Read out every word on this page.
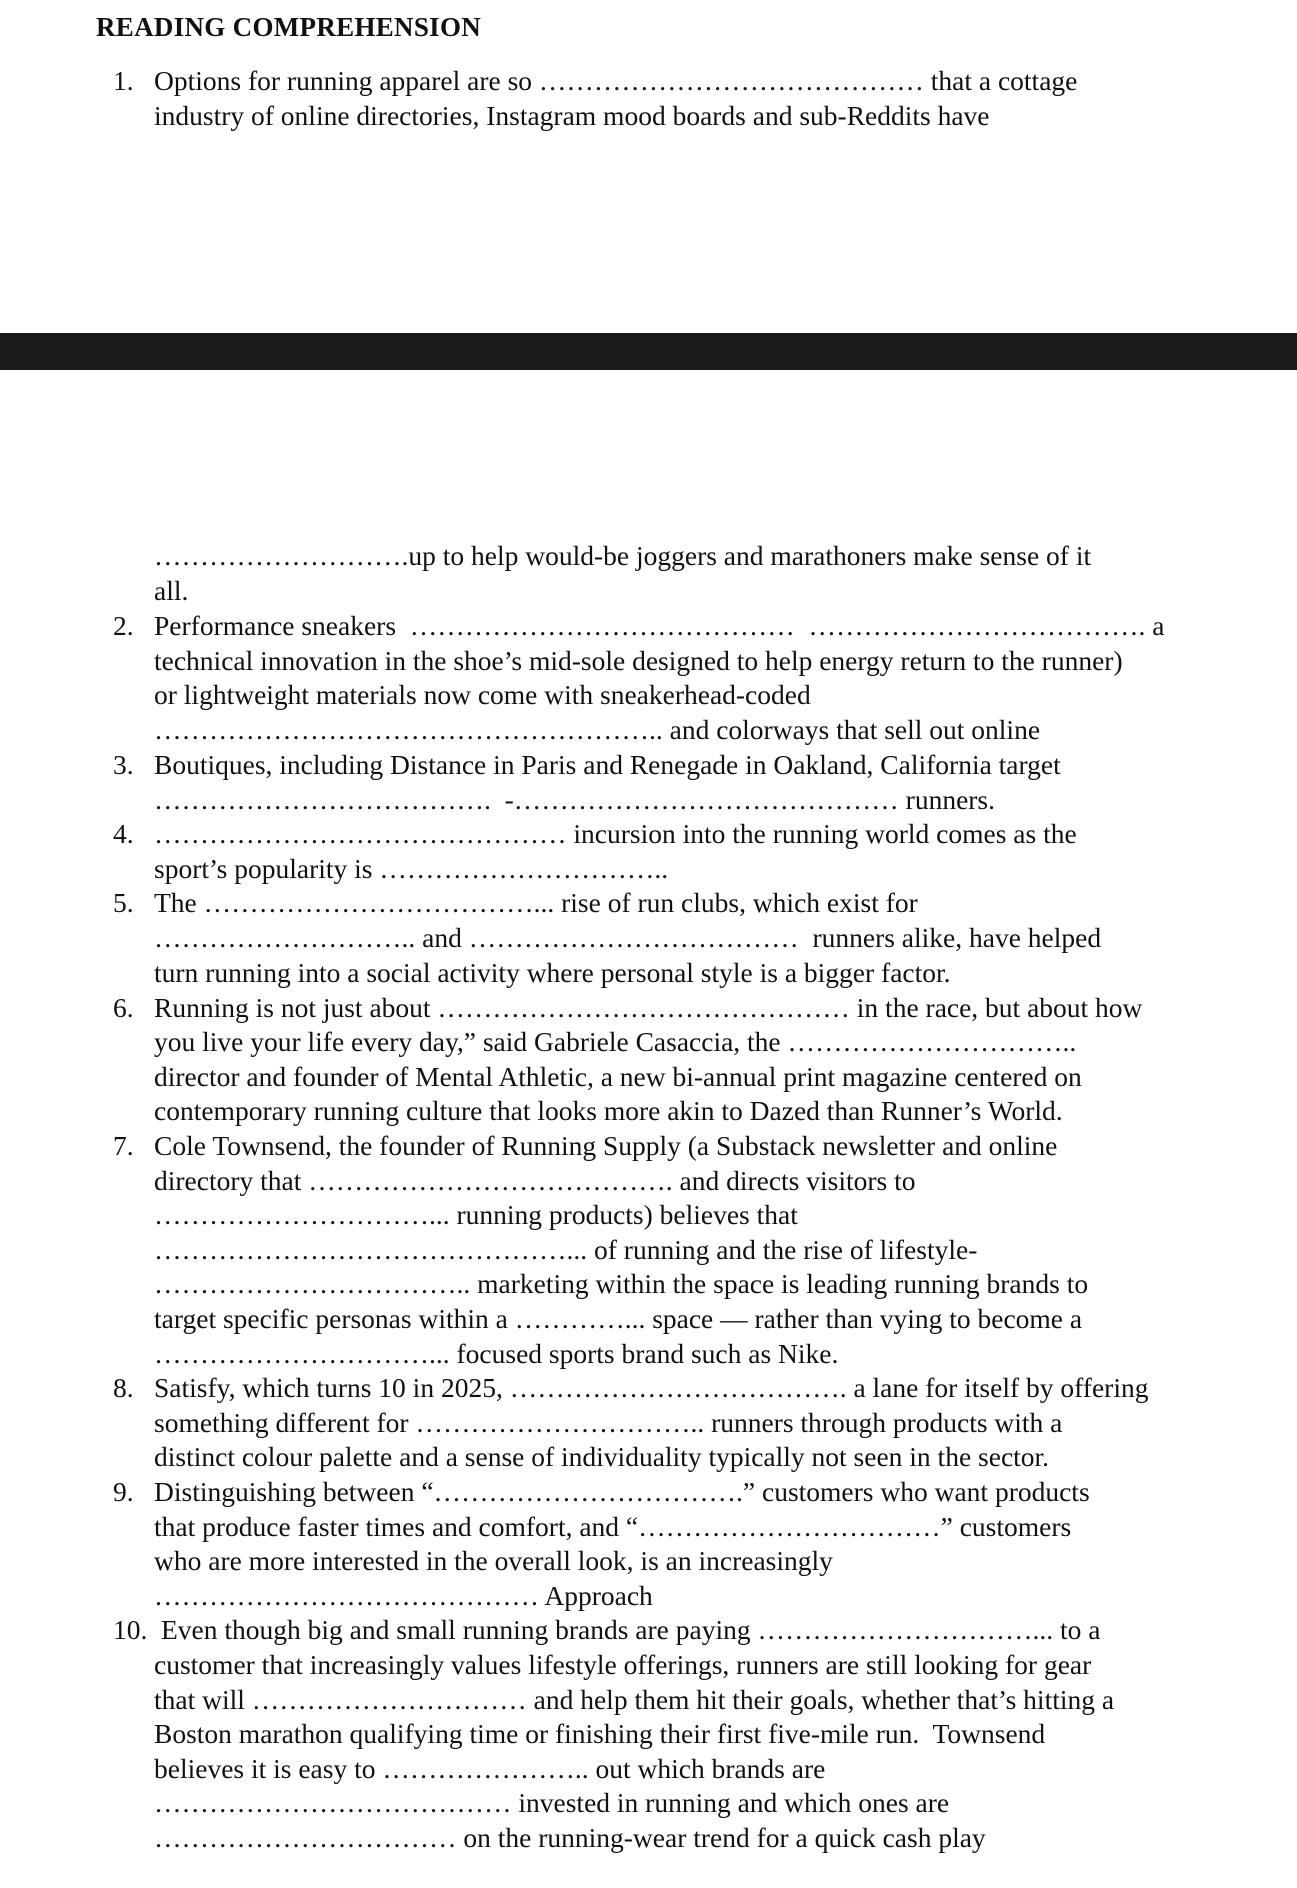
READING COMPREHENSION
1. Options for running apparel are so …………………………………… that a cottage
industry of online directories, Instagram mood boards and sub-Reddits have
……………………….up to help would-be joggers and marathoners make sense of it
all.
2. Performance sneakers  ……………………………………  ………………………………. a
technical innovation in the shoe’s mid-sole designed to help energy return to the runner)
or lightweight materials now come with sneakerhead-coded
……………………………………………….. and colorways that sell out online
3. Boutiques, including Distance in Paris and Renegade in Oakland, California target
……………………………….  -…………………………………… runners.
4. ……………………………………… incursion into the running world comes as the
sport’s popularity is …………………………..
5. The ………………………………... rise of run clubs, which exist for
……………………….. and ………………………………  runners alike, have helped
turn running into a social activity where personal style is a bigger factor.
6. Running is not just about ……………………………………… in the race, but about how
you live your life every day,” said Gabriele Casaccia, the …………………………..
director and founder of Mental Athletic, a new bi-annual print magazine centered on
contemporary running culture that looks more akin to Dazed than Runner’s World.
7. Cole Townsend, the founder of Running Supply (a Substack newsletter and online
directory that …………………………………. and directs visitors to
…………………………... running products) believes that
………………………………………... of running and the rise of lifestyle-
…………………………….. marketing within the space is leading running brands to
target specific personas within a …………... space — rather than vying to become a
…………………………... focused sports brand such as Nike.
8. Satisfy, which turns 10 in 2025, ………………………………. a lane for itself by offering
something different for ………………………….. runners through products with a
distinct colour palette and a sense of individuality typically not seen in the sector.
9. Distinguishing between “…………………………….” customers who want products
that produce faster times and comfort, and “……………………………” customers
who are more interested in the overall look, is an increasingly
…………………………………… Approach
10. Even though big and small running brands are paying …………………………... to a
customer that increasingly values lifestyle offerings, runners are still looking for gear
that will ………………………… and help them hit their goals, whether that’s hitting a
Boston marathon qualifying time or finishing their first five-mile run.  Townsend
believes it is easy to ………………….. out which brands are
………………………………… invested in running and which ones are
…………………………… on the running-wear trend for a quick cash play
